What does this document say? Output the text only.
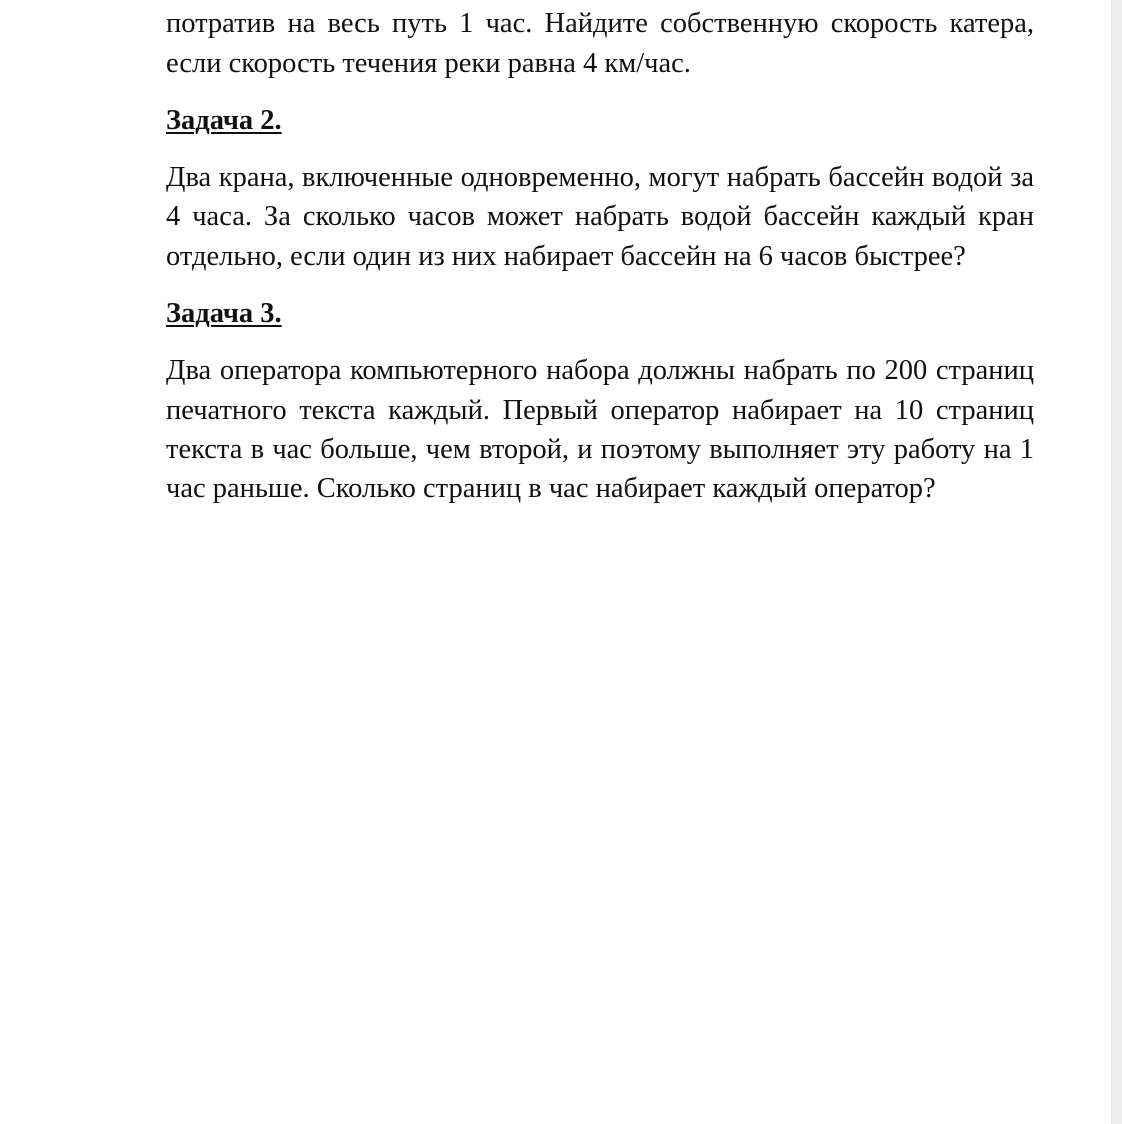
потратив на весь путь 1 час. Найдите собственную скорость катера, если скорость течения реки равна 4 км/час.

Задача 2.

Два крана, включенные одновременно, могут набрать бассейн водой за 4 часа. За сколько часов может набрать водой бассейн каждый кран отдельно, если один из них набирает бассейн на 6 часов быстрее?

Задача 3.

Два оператора компьютерного набора должны набрать по 200 страниц печатного текста каждый. Первый оператор набирает на 10 страниц текста в час больше, чем второй, и поэтому выполняет эту работу на 1 час раньше. Сколько страниц в час набирает каждый оператор?
